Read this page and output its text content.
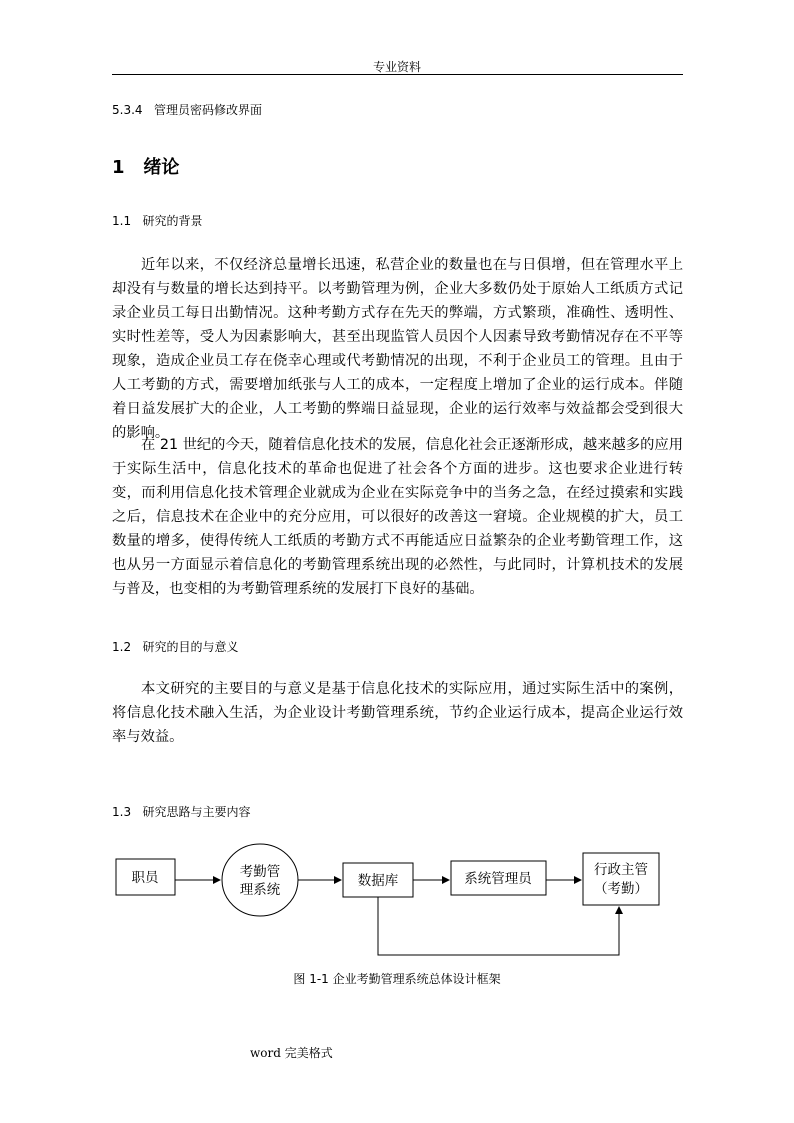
专业资料
5.3.4 管理员密码修改界面
1 绪论
1.1 研究的背景

近年以来，不仅经济总量增长迅速，私营企业的数量也在与日俱增，但在管理水平上却没有与数量的增长达到持平。以考勤管理为例，企业大多数仍处于原始人工纸质方式记录企业员工每日出勤情况。这种考勤方式存在先天的弊端，方式繁琐，准确性、透明性、实时性差等，受人为因素影响大，甚至出现监管人员因个人因素导致考勤情况存在不平等现象，造成企业员工存在侥幸心理或代考勤情况的出现，不利于企业员工的管理。且由于人工考勤的方式，需要增加纸张与人工的成本，一定程度上增加了企业的运行成本。伴随着日益发展扩大的企业，人工考勤的弊端日益显现，企业的运行效率与效益都会受到很大的影响。

在 21 世纪的今天，随着信息化技术的发展，信息化社会正逐渐形成，越来越多的应用于实际生活中，信息化技术的革命也促进了社会各个方面的进步。这也要求企业进行转变，而利用信息化技术管理企业就成为企业在实际竞争中的当务之急，在经过摸索和实践之后，信息技术在企业中的充分应用，可以很好的改善这一窘境。企业规模的扩大，员工数量的增多，使得传统人工纸质的考勤方式不再能适应日益繁杂的企业考勤管理工作，这也从另一方面显示着信息化的考勤管理系统出现的必然性，与此同时，计算机技术的发展与普及，也变相的为考勤管理系统的发展打下良好的基础。

1.2 研究的目的与意义

本文研究的主要目的与意义是基于信息化技术的实际应用，通过实际生活中的案例，将信息化技术融入生活，为企业设计考勤管理系统，节约企业运行成本，提高企业运行效率与效益。

1.3 研究思路与主要内容
职员	考勤管
理系统
数据库	系统管理员
行政主管
（考勤）
图 1-1 企业考勤管理系统总体设计框架
word 完美格式
